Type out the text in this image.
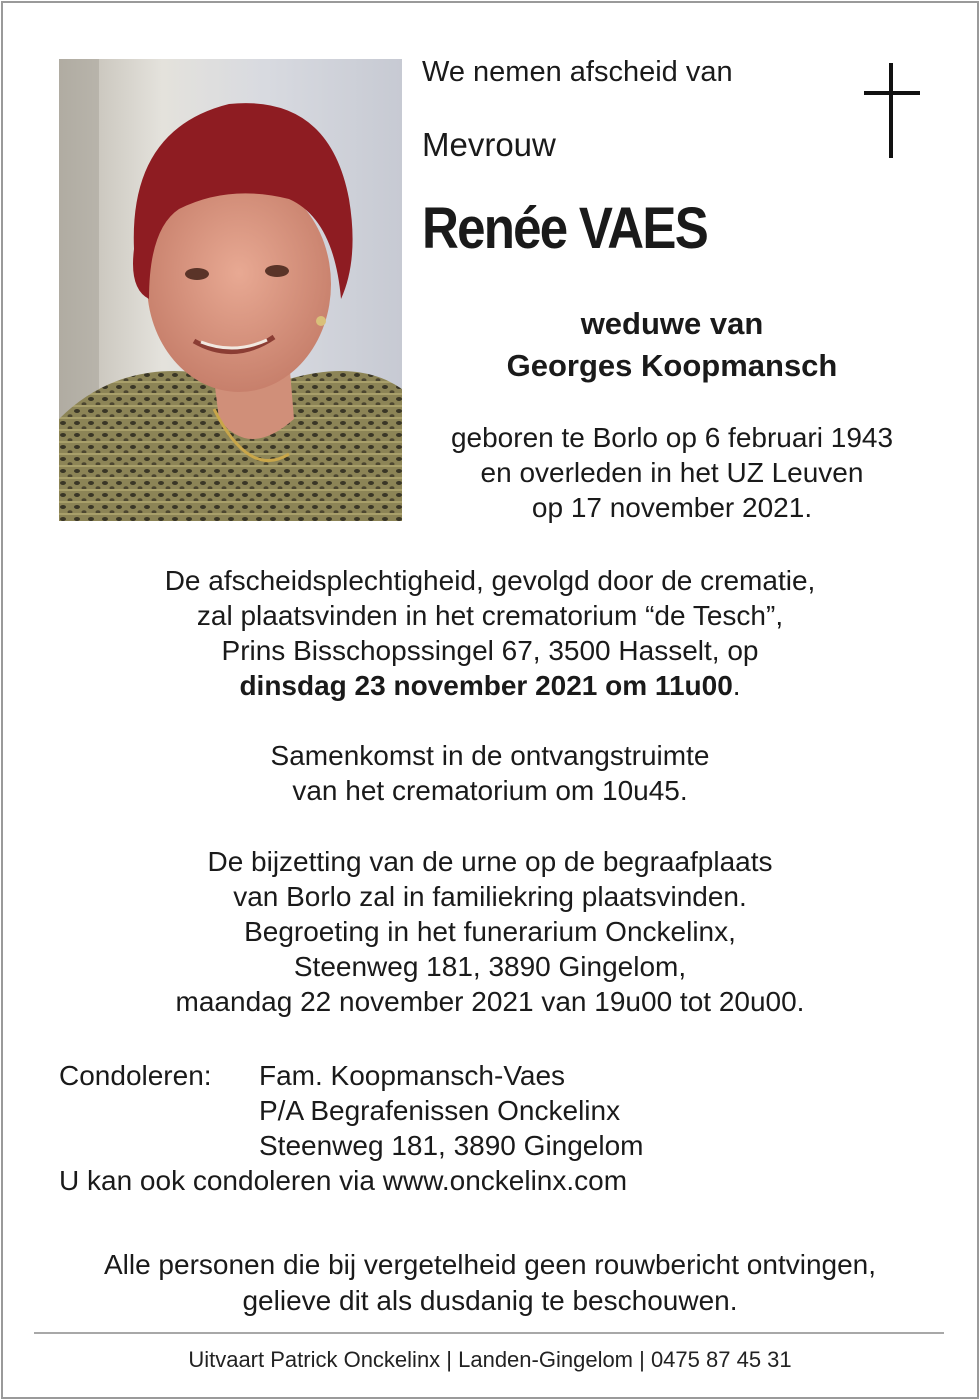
We nemen afscheid van
Mevrouw
Renée VAES
weduwe van
Georges Koopmansch
geboren te Borlo op 6 februari 1943
en overleden in het UZ Leuven
op 17 november 2021.
De afscheidsplechtigheid, gevolgd door de crematie,
zal plaatsvinden in het crematorium “de Tesch”,
Prins Bisschopssingel 67, 3500 Hasselt, op
dinsdag 23 november 2021 om 11u00.
Samenkomst in de ontvangstruimte
van het crematorium om 10u45.
De bijzetting van de urne op de begraafplaats
van Borlo zal in familiekring plaatsvinden.
Begroeting in het funerarium Onckelinx,
Steenweg 181, 3890 Gingelom,
maandag 22 november 2021 van 19u00 tot 20u00.
Condoleren:	Fam. Koopmansch-Vaes
P/A Begrafenissen Onckelinx
Steenweg 181, 3890 Gingelom
U kan ook condoleren via www.onckelinx.com
Alle personen die bij vergetelheid geen rouwbericht ontvingen,
gelieve dit als dusdanig te beschouwen.
Uitvaart Patrick Onckelinx | Landen-Gingelom | 0475 87 45 31
